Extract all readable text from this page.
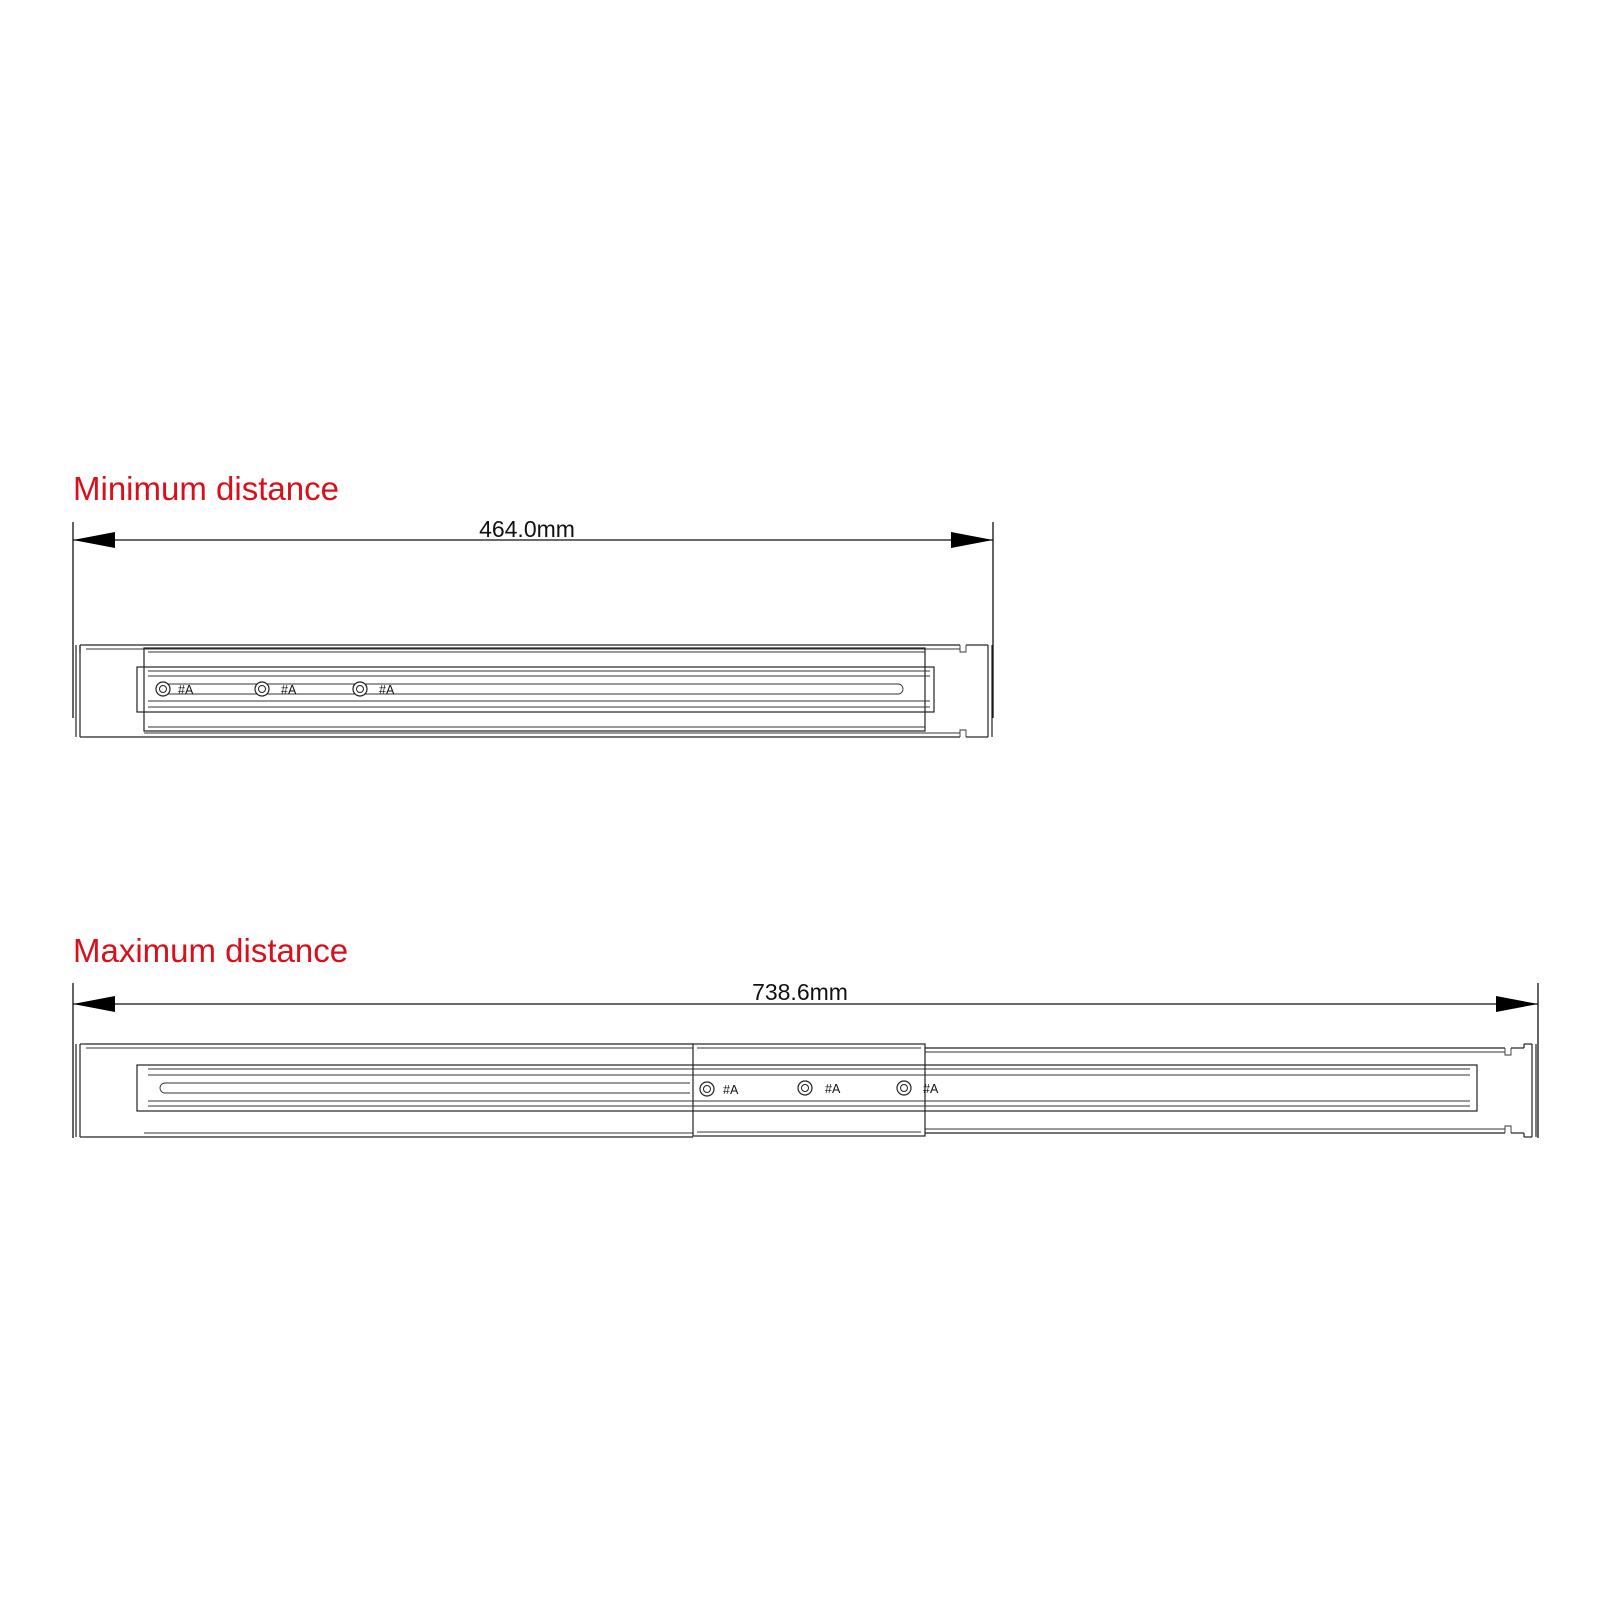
Minimum distance
464.0mm
#A	#A	#A
Maximum distance
738.6mm
#A	#A	#A
